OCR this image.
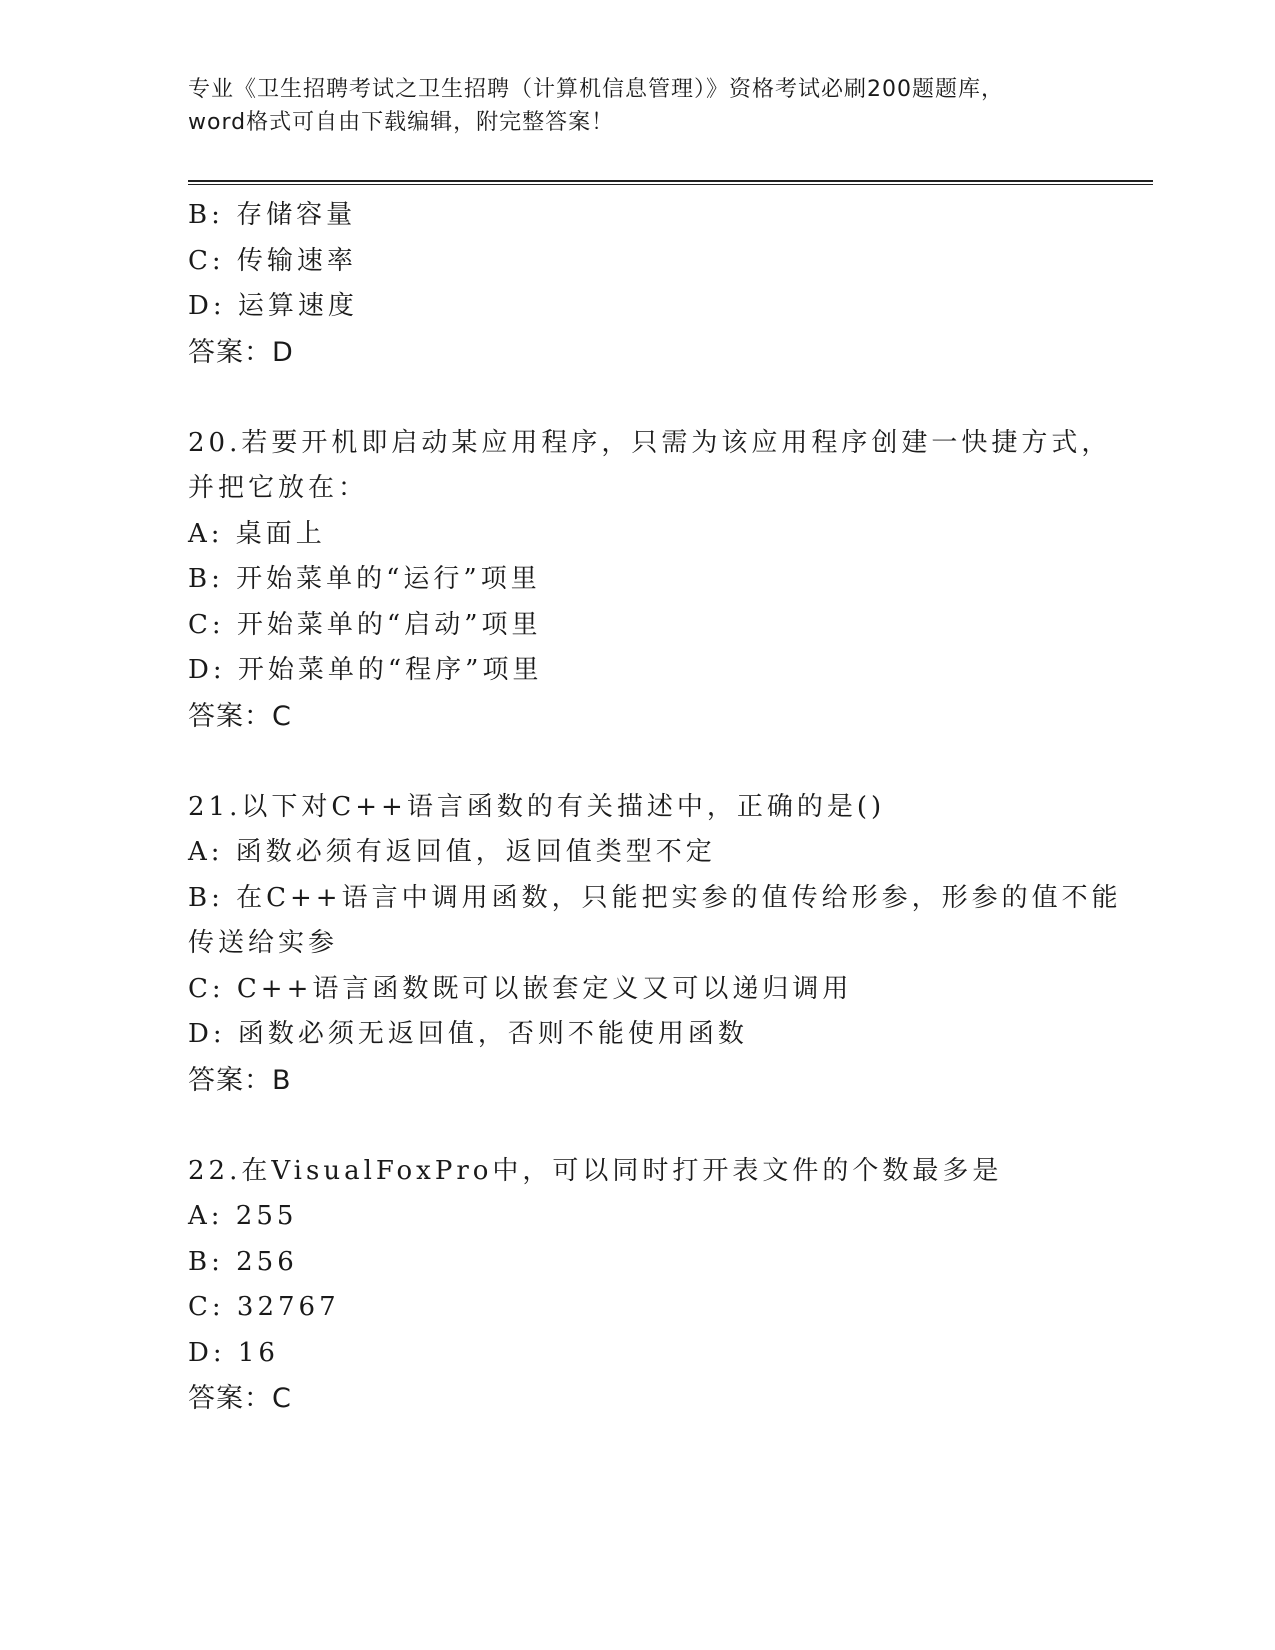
专业《卫生招聘考试之卫生招聘（计算机信息管理）》资格考试必刷200题题库，
word格式可自由下载编辑，附完整答案！
B: 存储容量
C: 传输速率
D: 运算速度
答案：D
20.若要开机即启动某应用程序，只需为该应用程序创建一快捷方式，
并把它放在：
A: 桌面上
B: 开始菜单的“运行”项里
C: 开始菜单的“启动”项里
D: 开始菜单的“程序”项里
答案：C
21.以下对C++语言函数的有关描述中，正确的是()
A: 函数必须有返回值，返回值类型不定
B: 在C++语言中调用函数，只能把实参的值传给形参，形参的值不能
传送给实参
C: C++语言函数既可以嵌套定义又可以递归调用
D: 函数必须无返回值，否则不能使用函数
答案：B
22.在VisualFoxPro中，可以同时打开表文件的个数最多是
A: 255
B: 256
C: 32767
D: 16
答案：C
